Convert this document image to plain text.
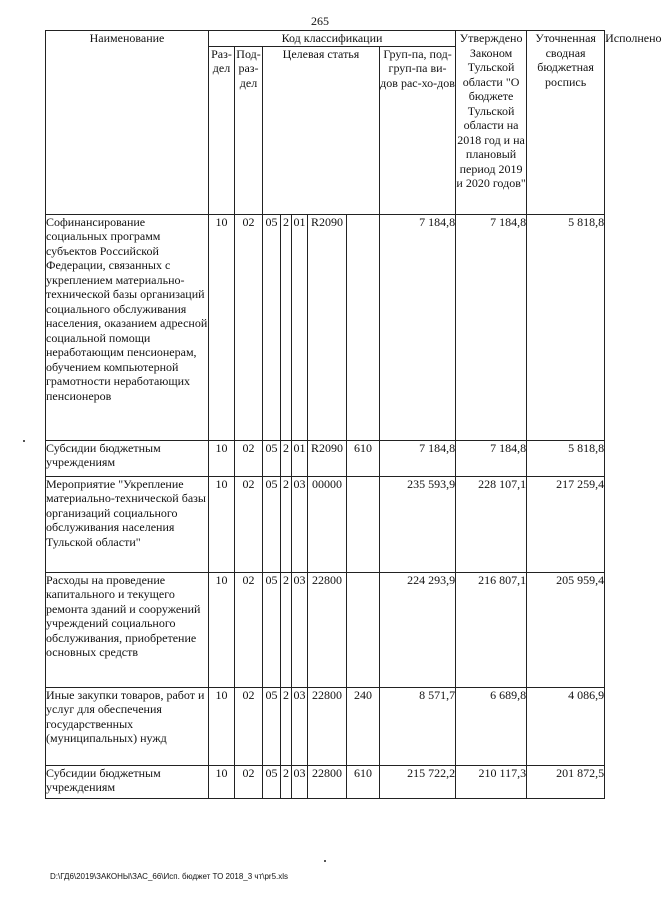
265
Наименование	Код классификации								Утверждено Законом Тульской области "О бюджете Тульской области на 2018 год и на плановый период 2019 и 2020 годов"	Уточненная сводная бюджетная роспись	Исполнено
	Раз-дел	Под-раз-дел	Целевая статья					Груп-па, под-груп-па ви-дов рас-хо-дов			
Софинансирование социальных программ субъектов Российской Федерации, связанных с укреплением материально-технической базы организаций социального обслуживания населения, оказанием адресной социальной помощи неработающим пенсионерам, обучением компьютерной грамотности неработающих пенсионеров	10	02	05	2	01	R2090		7 184,8	7 184,8	5 818,8	
Субсидии бюджетным учреждениям	10	02	05	2	01	R2090	610	7 184,8	7 184,8	5 818,8	
Мероприятие "Укрепление материально-технической базы организаций социального обслуживания населения Тульской области"	10	02	05	2	03	00000		235 593,9	228 107,1	217 259,4	
Расходы на проведение капитального и текущего ремонта зданий и сооружений учреждений социального обслуживания, приобретение основных средств	10	02	05	2	03	22800		224 293,9	216 807,1	205 959,4	
Иные закупки товаров, работ и услуг для обеспечения государственных (муниципальных) нужд	10	02	05	2	03	22800	240	8 571,7	6 689,8	4 086,9	
Субсидии бюджетным учреждениям	10	02	05	2	03	22800	610	215 722,2	210 117,3	201 872,5	
D:\ГД6\2019\ЗАКОНЫ\ЗАС_66\Исп. бюджет ТО 2018_3 чт\pr5.xls
